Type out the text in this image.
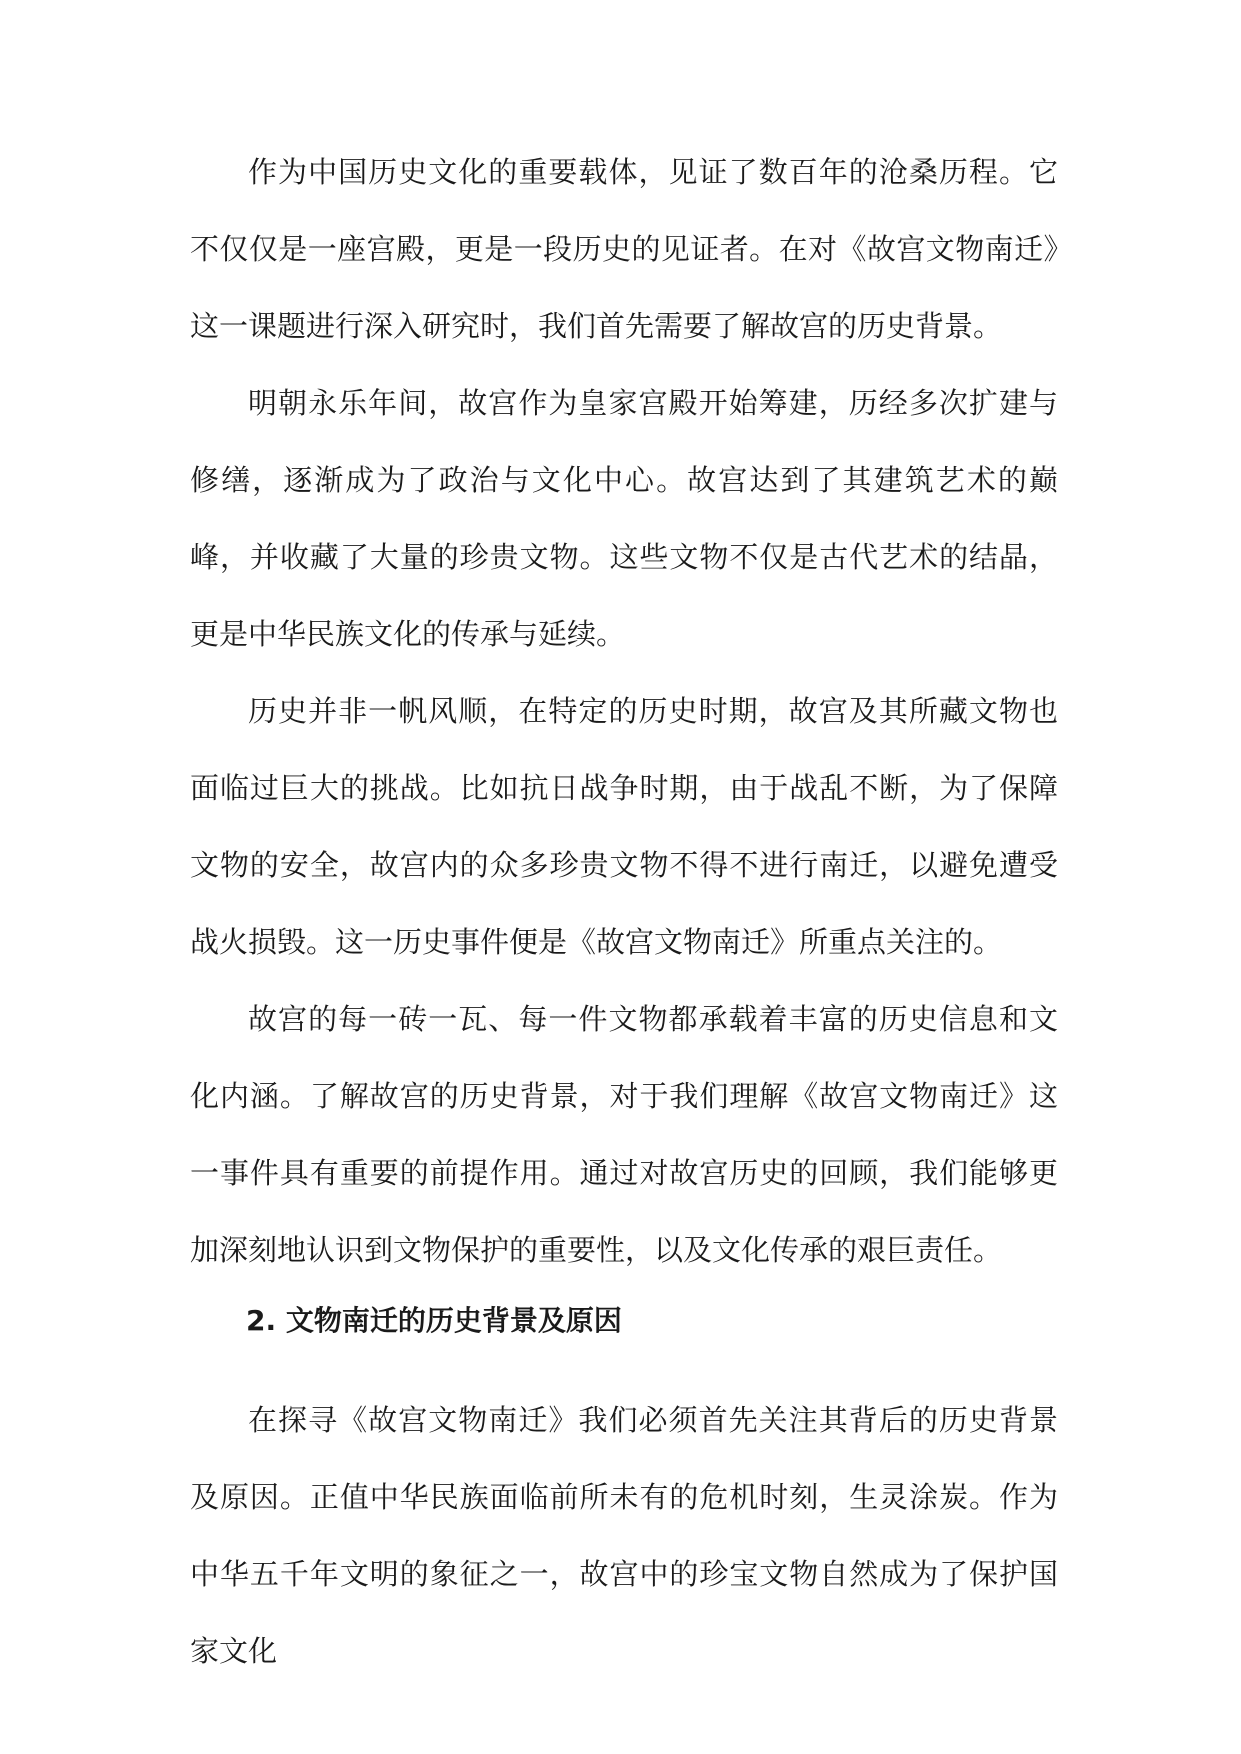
作为中国历史文化的重要载体，见证了数百年的沧桑历程。它不仅仅是一座宫殿，更是一段历史的见证者。在对《故宫文物南迁》这一课题进行深入研究时，我们首先需要了解故宫的历史背景。

明朝永乐年间，故宫作为皇家宫殿开始筹建，历经多次扩建与修缮，逐渐成为了政治与文化中心。故宫达到了其建筑艺术的巅峰，并收藏了大量的珍贵文物。这些文物不仅是古代艺术的结晶，更是中华民族文化的传承与延续。

历史并非一帆风顺，在特定的历史时期，故宫及其所藏文物也面临过巨大的挑战。比如抗日战争时期，由于战乱不断，为了保障文物的安全，故宫内的众多珍贵文物不得不进行南迁，以避免遭受战火损毁。这一历史事件便是《故宫文物南迁》所重点关注的。

故宫的每一砖一瓦、每一件文物都承载着丰富的历史信息和文化内涵。了解故宫的历史背景，对于我们理解《故宫文物南迁》这一事件具有重要的前提作用。通过对故宫历史的回顾，我们能够更加深刻地认识到文物保护的重要性，以及文化传承的艰巨责任。

2. 文物南迁的历史背景及原因

在探寻《故宫文物南迁》我们必须首先关注其背后的历史背景及原因。正值中华民族面临前所未有的危机时刻，生灵涂炭。作为中华五千年文明的象征之一，故宫中的珍宝文物自然成为了保护国家文化
